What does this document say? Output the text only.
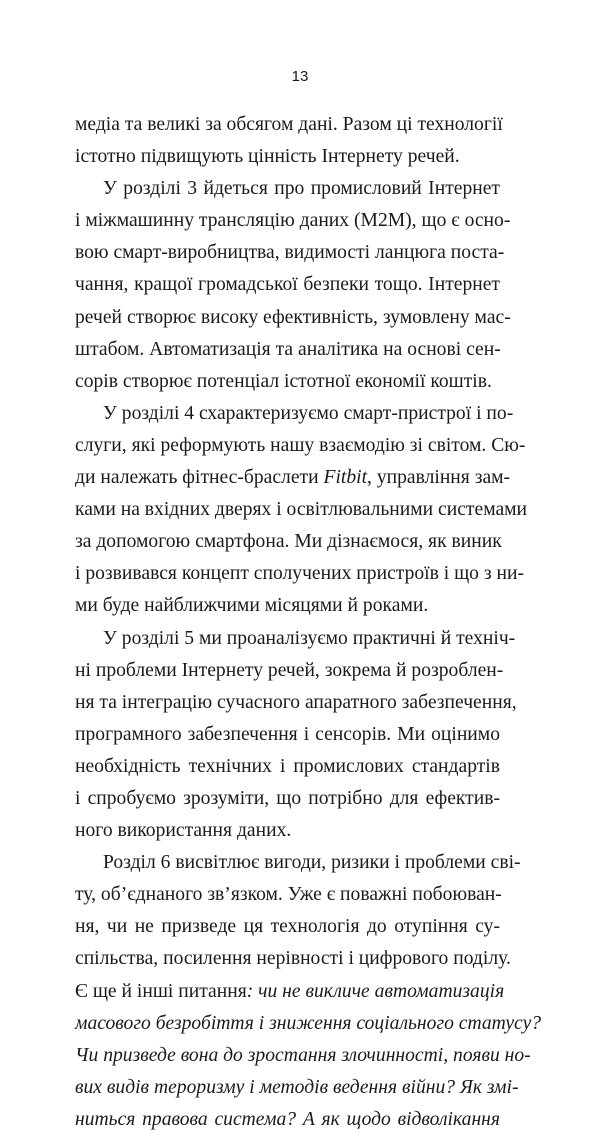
13
медіа та великі за обсягом дані. Разом ці технології
істотно підвищують цінність Інтернету речей.
У розділі 3 йдеться про промисловий Інтернет
і міжмашинну трансляцію даних (M2M), що є осно-
вою смарт-виробництва, видимості ланцюга поста-
чання, кращої громадської безпеки тощо. Інтернет
речей створює високу ефективність, зумовлену мас-
штабом. Автоматизація та аналітика на основі сен-
сорів створює потенціал істотної економії коштів.
У розділі 4 схарактеризуємо смарт-пристрої і по-
слуги, які реформують нашу взаємодію зі світом. Сю-
ди належать фітнес-браслети Fitbit, управління зам-
ками на вхідних дверях і освітлювальними системами
за допомогою смартфона. Ми дізнаємося, як виник
і розвивався концепт сполучених пристроїв і що з ни-
ми буде найближчими місяцями й роками.
У розділі 5 ми проаналізуємо практичні й техніч-
ні проблеми Інтернету речей, зокрема й розроблен-
ня та інтеграцію сучасного апаратного забезпечення,
програмного забезпечення і сенсорів. Ми оцінимо
необхідність технічних і промислових стандартів
і спробуємо зрозуміти, що потрібно для ефектив-
ного використання даних.
Розділ 6 висвітлює вигоди, ризики і проблеми сві-
ту, об’єднаного зв’язком. Уже є поважні побоюван-
ня, чи не призведе ця технологія до отупіння су-
спільства, посилення нерівності і цифрового поділу.
Є ще й інші питання: чи не викличе автоматизація
масового безробіття і зниження соціального статусу?
Чи призведе вона до зростання злочинності, появи но-
вих видів тероризму і методів ведення війни? Як змі-
ниться правова система? А як щодо відволікання
